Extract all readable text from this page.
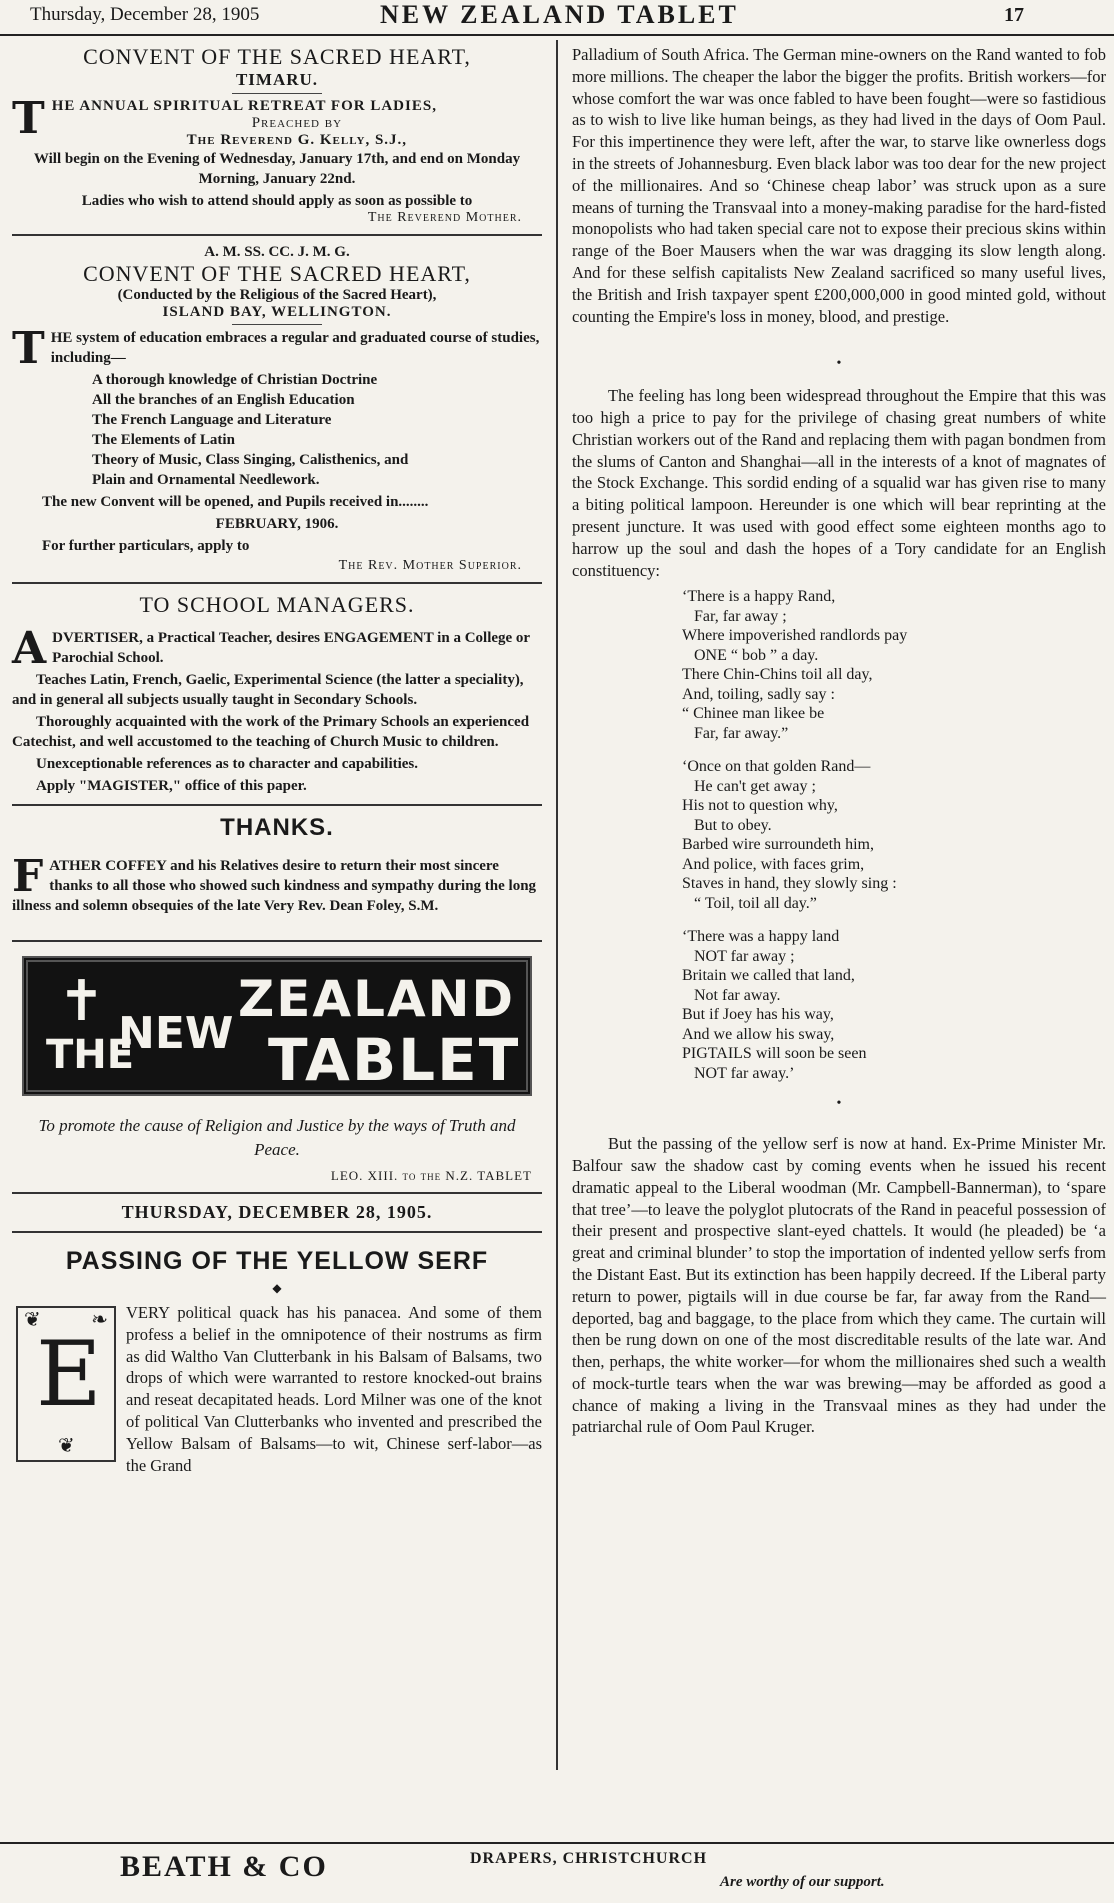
Thursday, December 28, 1905	NEW ZEALAND TABLET	17
CONVENT OF THE SACRED HEART,
TIMARU.
T HE ANNUAL SPIRITUAL RETREAT FOR LADIES,
Preached by
The Reverend G. Kelly, S.J.,
Will begin on the Evening of Wednesday, January 17th, and end on Monday Morning, January 22nd.
Ladies who wish to attend should apply as soon as possible to
The Reverend Mother.
A. M. SS. CC. J. M. G.
CONVENT OF THE SACRED HEART,
(Conducted by the Religious of the Sacred Heart),
ISLAND BAY, WELLINGTON.

THE system of education embraces a regular and graduated course of studies, including—

A thorough knowledge of Christian Doctrine
All the branches of an English Education
The French Language and Literature
The Elements of Latin
Theory of Music, Class Singing, Calisthenics, and
Plain and Ornamental Needlework.

The new Convent will be opened, and Pupils received in........

FEBRUARY, 1906.

For further particulars, apply to

The Rev. Mother Superior.
TO SCHOOL MANAGERS.

ADVERTISER, a Practical Teacher, desires ENGAGEMENT in a College or Parochial School.

Teaches Latin, French, Gaelic, Experimental Science (the latter a speciality), and in general all subjects usually taught in Secondary Schools.

Thoroughly acquainted with the work of the Primary Schools an experienced Catechist, and well accustomed to the teaching of Church Music to children.

Unexceptionable references as to character and capabilities.

Apply "MAGISTER," office of this paper.

THANKS.

FATHER COFFEY and his Relatives desire to return their most sincere thanks to all those who showed such kindness and sympathy during the long illness and solemn obsequies of the late Very Rev. Dean Foley, S.M.

✝
THE
NEW
ZEALAND
TABLET
To promote the cause of Religion and Justice by the ways of Truth and Peace.
LEO. XIII. to the N.Z. TABLET
THURSDAY, DECEMBER 28, 1905.
PASSING OF THE YELLOW SERF
◆
❦	❧
E
❦
VERY political quack has his panacea. And some of them profess a belief in the omnipotence of their nostrums as firm as did Waltho Van Clutterbank in his Balsam of Balsams, two drops of which were warranted to restore knocked-out brains and reseat decapitated heads. Lord Milner was one of the knot of political Van Clutterbanks who invented and prescribed the Yellow Balsam of Balsams—to wit, Chinese serf-labor—as the Grand

Palladium of South Africa. The German mine-owners on the Rand wanted to fob more millions. The cheaper the labor the bigger the profits. British workers—for whose comfort the war was once fabled to have been fought—were so fastidious as to wish to live like human beings, as they had lived in the days of Oom Paul. For this impertinence they were left, after the war, to starve like ownerless dogs in the streets of Johannesburg. Even black labor was too dear for the new project of the millionaires. And so ‘Chinese cheap labor’ was struck upon as a sure means of turning the Transvaal into a money-making paradise for the hard-fisted monopolists who had taken special care not to expose their precious skins within range of the Boer Mausers when the war was dragging its slow length along. And for these selfish capitalists New Zealand sacrificed so many useful lives, the British and Irish taxpayer spent £200,000,000 in good minted gold, without counting the Empire's loss in money, blood, and prestige.

•

The feeling has long been widespread throughout the Empire that this was too high a price to pay for the privilege of chasing great numbers of white Christian workers out of the Rand and replacing them with pagan bondmen from the slums of Canton and Shanghai—all in the interests of a knot of magnates of the Stock Exchange. This sordid ending of a squalid war has given rise to many a biting political lampoon. Hereunder is one which will bear reprinting at the present juncture. It was used with good effect some eighteen months ago to harrow up the soul and dash the hopes of a Tory candidate for an English constituency:

‘There is a happy Rand,
Far, far away ;
Where impoverished randlords pay
ONE “ bob ” a day.
There Chin-Chins toil all day,
And, toiling, sadly say :
“ Chinee man likee be
Far, far away.”
‘Once on that golden Rand—
He can't get away ;
His not to question why,
But to obey.
Barbed wire surroundeth him,
And police, with faces grim,
Staves in hand, they slowly sing :
“ Toil, toil all day.”
‘There was a happy land
NOT far away ;
Britain we called that land,
Not far away.
But if Joey has his way,
And we allow his sway,
PIGTAILS will soon be seen
NOT far away.’
•

But the passing of the yellow serf is now at hand. Ex-Prime Minister Mr. Balfour saw the shadow cast by coming events when he issued his recent dramatic appeal to the Liberal woodman (Mr. Campbell-Bannerman), to ‘spare that tree’—to leave the polyglot plutocrats of the Rand in peaceful possession of their present and prospective slant-eyed chattels. It would (he pleaded) be ‘a great and criminal blunder’ to stop the importation of indented yellow serfs from the Distant East. But its extinction has been happily decreed. If the Liberal party return to power, pigtails will in due course be far, far away from the Rand—deported, bag and baggage, to the place from which they came. The curtain will then be rung down on one of the most discreditable results of the late war. And then, perhaps, the white worker—for whom the millionaires shed such a wealth of mock-turtle tears when the war was brewing—may be afforded as good a chance of making a living in the Transvaal mines as they had under the patriarchal rule of Oom Paul Kruger.

BEATH & CO	DRAPERS, CHRISTCHURCH
Are worthy of our support.
